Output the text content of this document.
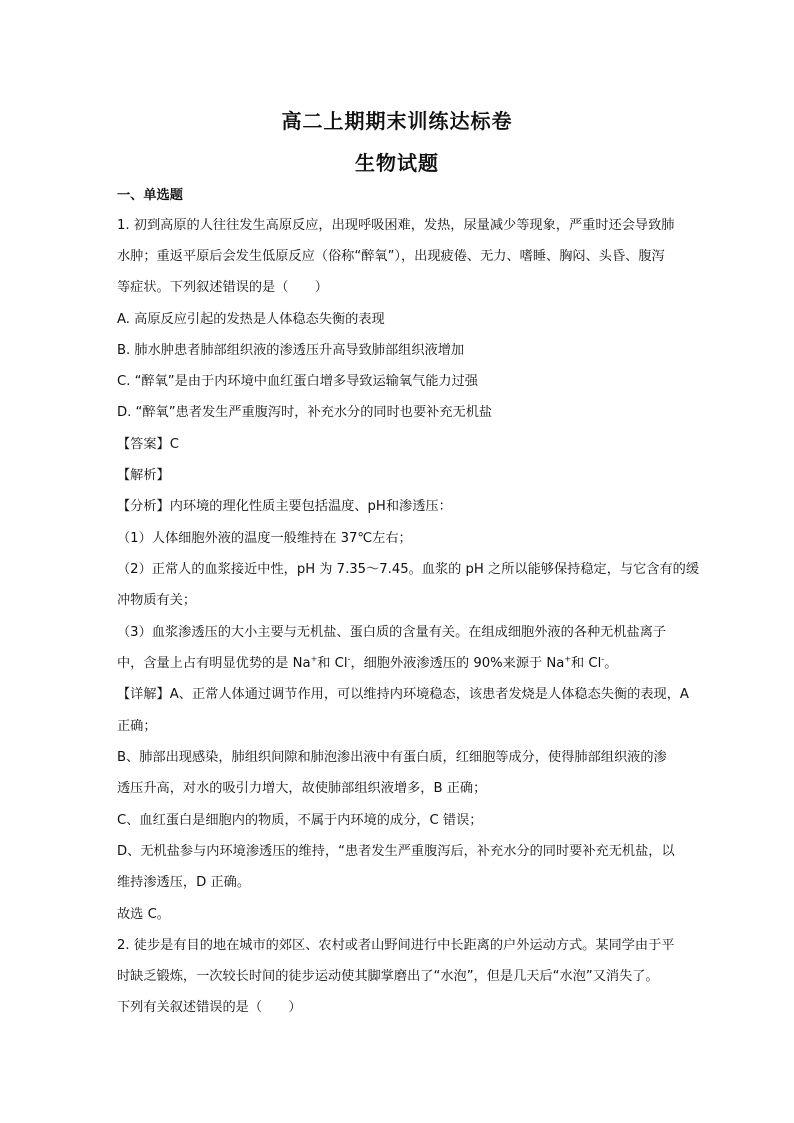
高二上期期末训练达标卷
生物试题
一、单选题
1. 初到高原的人往往发生高原反应，出现呼吸困难，发热，尿量减少等现象，严重时还会导致肺
水肿；重返平原后会发生低原反应（俗称“醉氧”），出现疲倦、无力、嗜睡、胸闷、头昏、腹泻
等症状。下列叙述错误的是（　　）
A. 高原反应引起的发热是人体稳态失衡的表现
B. 肺水肿患者肺部组织液的渗透压升高导致肺部组织液增加
C. “醉氧”是由于内环境中血红蛋白增多导致运输氧气能力过强
D. “醉氧”患者发生严重腹泻时，补充水分的同时也要补充无机盐
【答案】C
【解析】
【分析】内环境的理化性质主要包括温度、pH和渗透压：
（1）人体细胞外液的温度一般维持在 37℃左右；
（2）正常人的血浆接近中性，pH 为 7.35～7.45。血浆的 pH 之所以能够保持稳定，与它含有的缓
冲物质有关；
（3）血浆渗透压的大小主要与无机盐、蛋白质的含量有关。在组成细胞外液的各种无机盐离子
中，含量上占有明显优势的是 Na+和 Cl-，细胞外液渗透压的 90%来源于 Na+和 Cl-。
【详解】A、正常人体通过调节作用，可以维持内环境稳态，该患者发烧是人体稳态失衡的表现，A
正确；
B、肺部出现感染，肺组织间隙和肺泡渗出液中有蛋白质，红细胞等成分，使得肺部组织液的渗
透压升高，对水的吸引力增大，故使肺部组织液增多，B 正确；
C、血红蛋白是细胞内的物质，不属于内环境的成分，C 错误；
D、无机盐参与内环境渗透压的维持，“患者发生严重腹泻后，补充水分的同时要补充无机盐，以
维持渗透压，D 正确。
故选 C。
2. 徒步是有目的地在城市的郊区、农村或者山野间进行中长距离的户外运动方式。某同学由于平
时缺乏锻炼，一次较长时间的徒步运动使其脚掌磨出了“水泡”，但是几天后“水泡”又消失了。
下列有关叙述错误的是（　　）
